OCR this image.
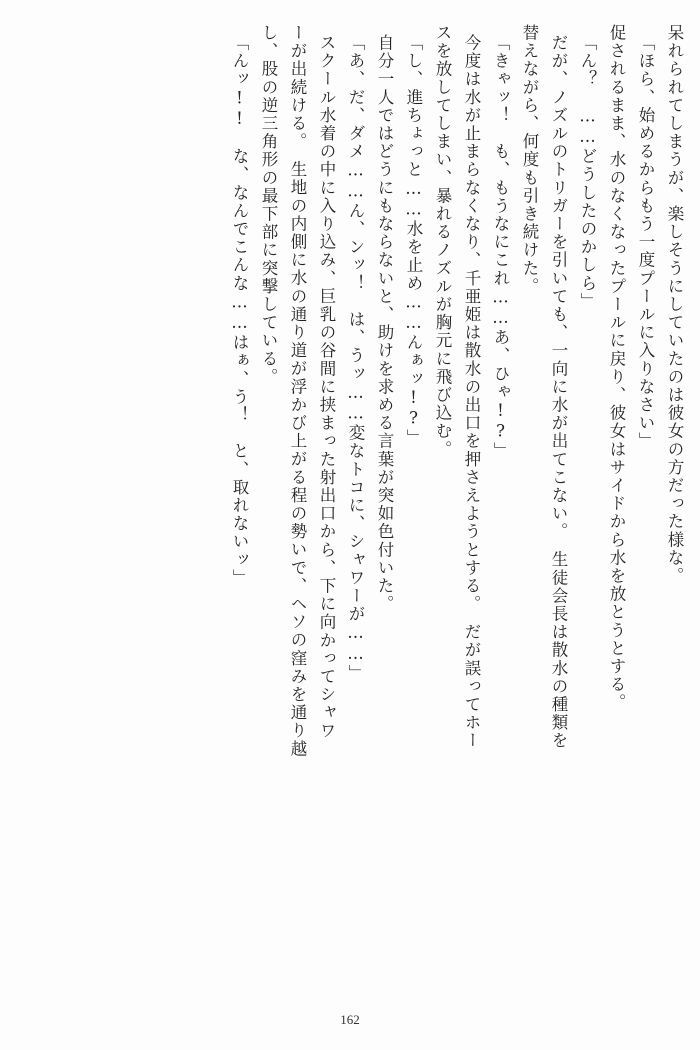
呆れられてしまうが、楽しそうにしていたのは彼女の方だった様な。
「ほら、始めるからもう一度プールに入りなさい」
促されるまま、水のなくなったプールに戻り、彼女はサイドから水を放とうとする。
「ん？　……どうしたのかしら」
だが、ノズルのトリガーを引いても、一向に水が出てこない。　生徒会長は散水の種類を
替えながら、何度も引き続けた。
「きゃッ！　も、もうなにこれ……あ、ひゃ!?」
今度は水が止まらなくなり、千亜姫は散水の出口を押さえようとする。　だが誤ってホー
スを放してしまい、暴れるノズルが胸元に飛び込む。
「し、進ちょっと……水を止め……んぁッ!?」
自分一人ではどうにもならないと、助けを求める言葉が突如色付いた。
「あ、だ、ダメ……ん、ンッ！　は、うッ……変なトコに、シャワーが……」
スクール水着の中に入り込み、巨乳の谷間に挟まった射出口から、下に向かってシャワ
ーが出続ける。　生地の内側に水の通り道が浮かび上がる程の勢いで、ヘソの窪みを通り越
し、股の逆三角形の最下部に突撃している。
「んッ!!　な、なんでこんな……はぁ、う！　と、取れないッ」
162
